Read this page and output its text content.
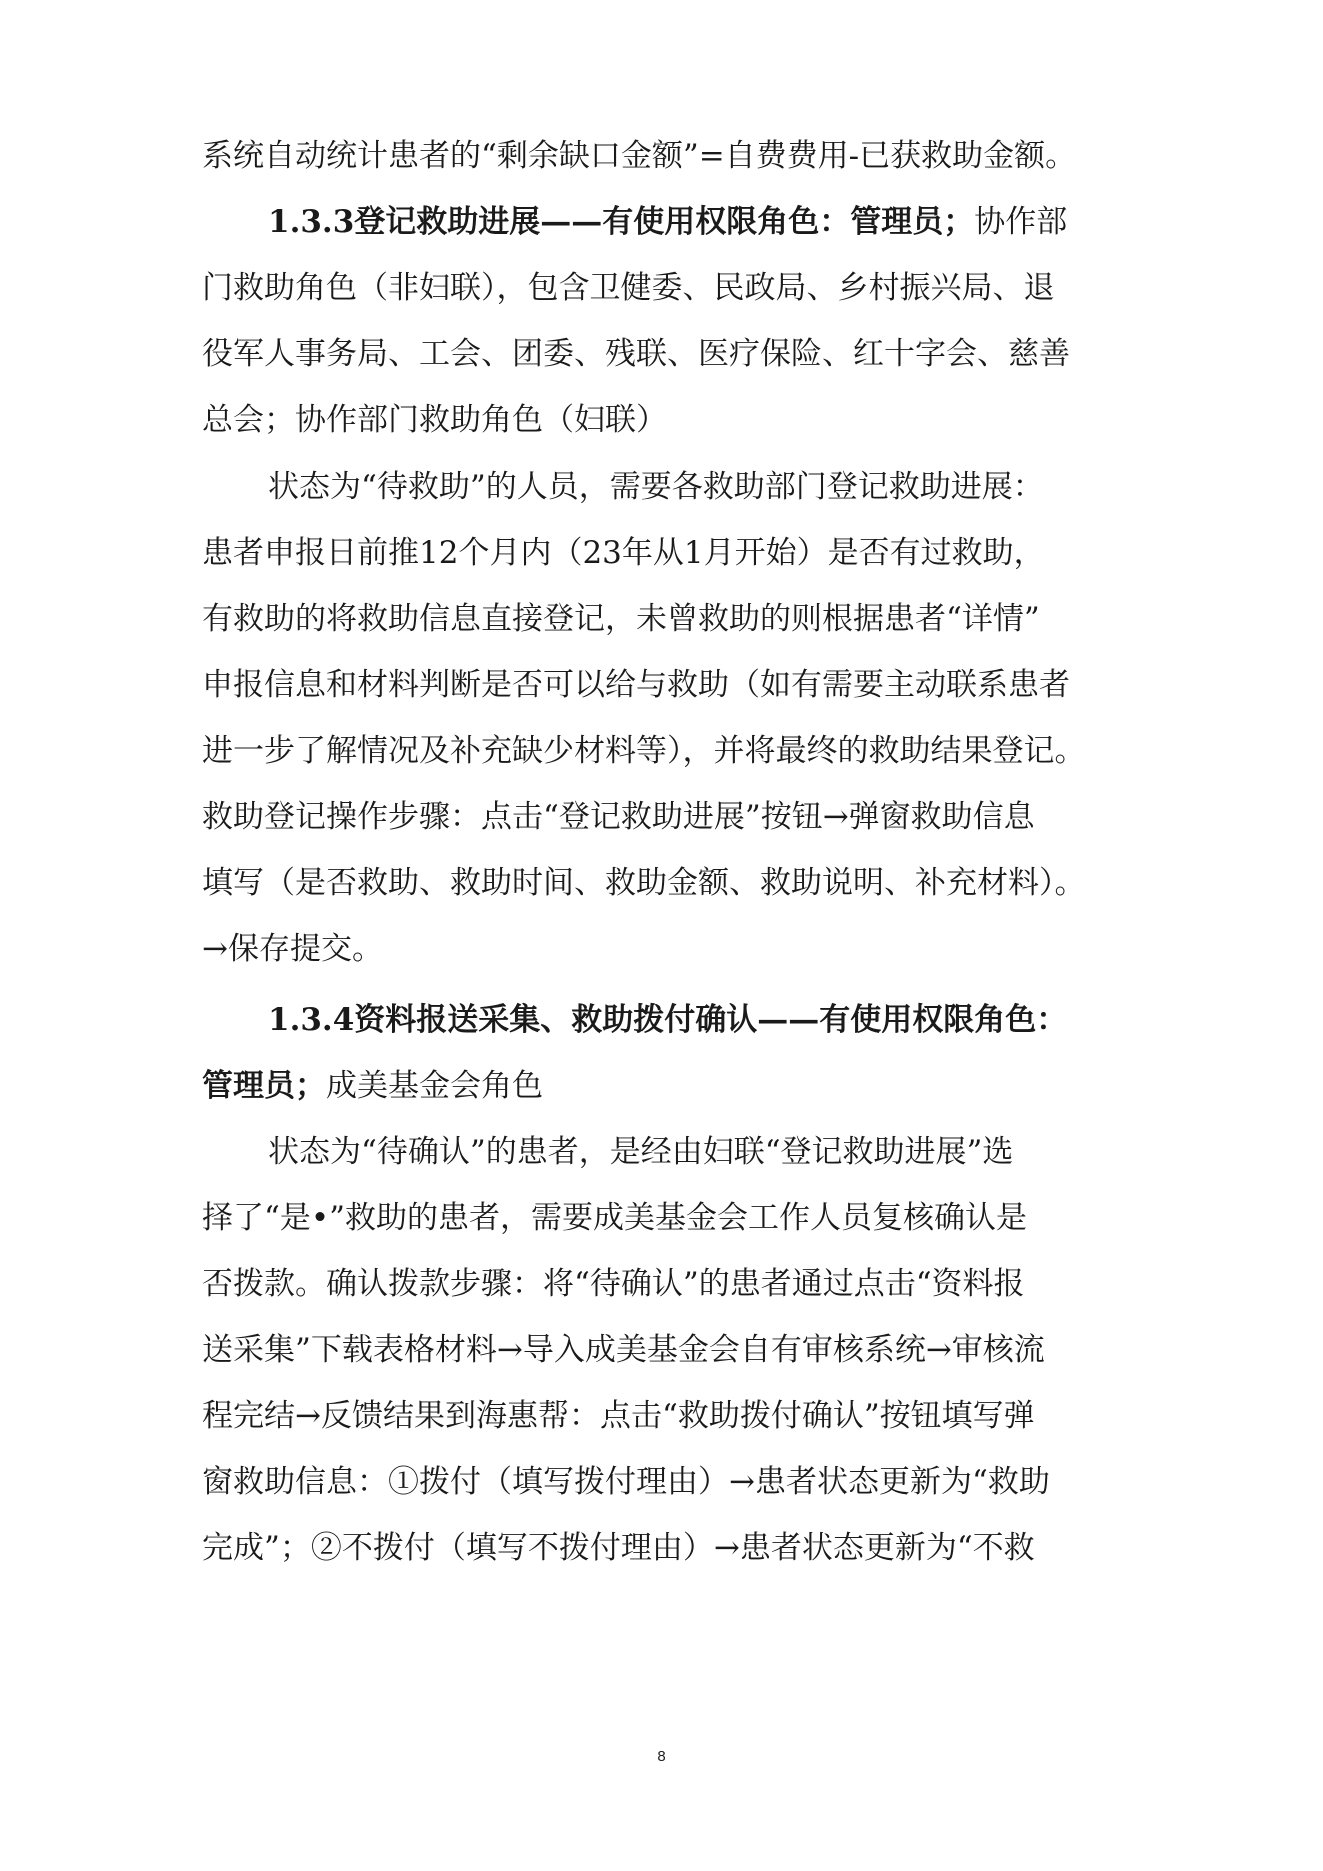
系统自动统计患者的“剩余缺口金额”=自费费用-已获救助金额。
1.3.3登记救助进展——有使用权限角色：管理员；协作部
门救助角色（非妇联），包含卫健委、民政局、乡村振兴局、退
役军人事务局、工会、团委、残联、医疗保险、红十字会、慈善
总会；协作部门救助角色（妇联）
状态为“待救助”的人员，需要各救助部门登记救助进展：
患者申报日前推12个月内（23年从1月开始）是否有过救助，
有救助的将救助信息直接登记，未曾救助的则根据患者“详情”
申报信息和材料判断是否可以给与救助（如有需要主动联系患者
进一步了解情况及补充缺少材料等），并将最终的救助结果登记。
救助登记操作步骤：点击“登记救助进展”按钮→弹窗救助信息
填写（是否救助、救助时间、救助金额、救助说明、补充材料）。
→保存提交。
1.3.4资料报送采集、救助拨付确认——有使用权限角色：
管理员；成美基金会角色
状态为“待确认”的患者，是经由妇联“登记救助进展”选
择了“是•”救助的患者，需要成美基金会工作人员复核确认是
否拨款。确认拨款步骤：将“待确认”的患者通过点击“资料报
送采集”下载表格材料→导入成美基金会自有审核系统→审核流
程完结→反馈结果到海惠帮：点击“救助拨付确认”按钮填写弹
窗救助信息：①拨付（填写拨付理由）→患者状态更新为“救助
完成”；②不拨付（填写不拨付理由）→患者状态更新为“不救
8
